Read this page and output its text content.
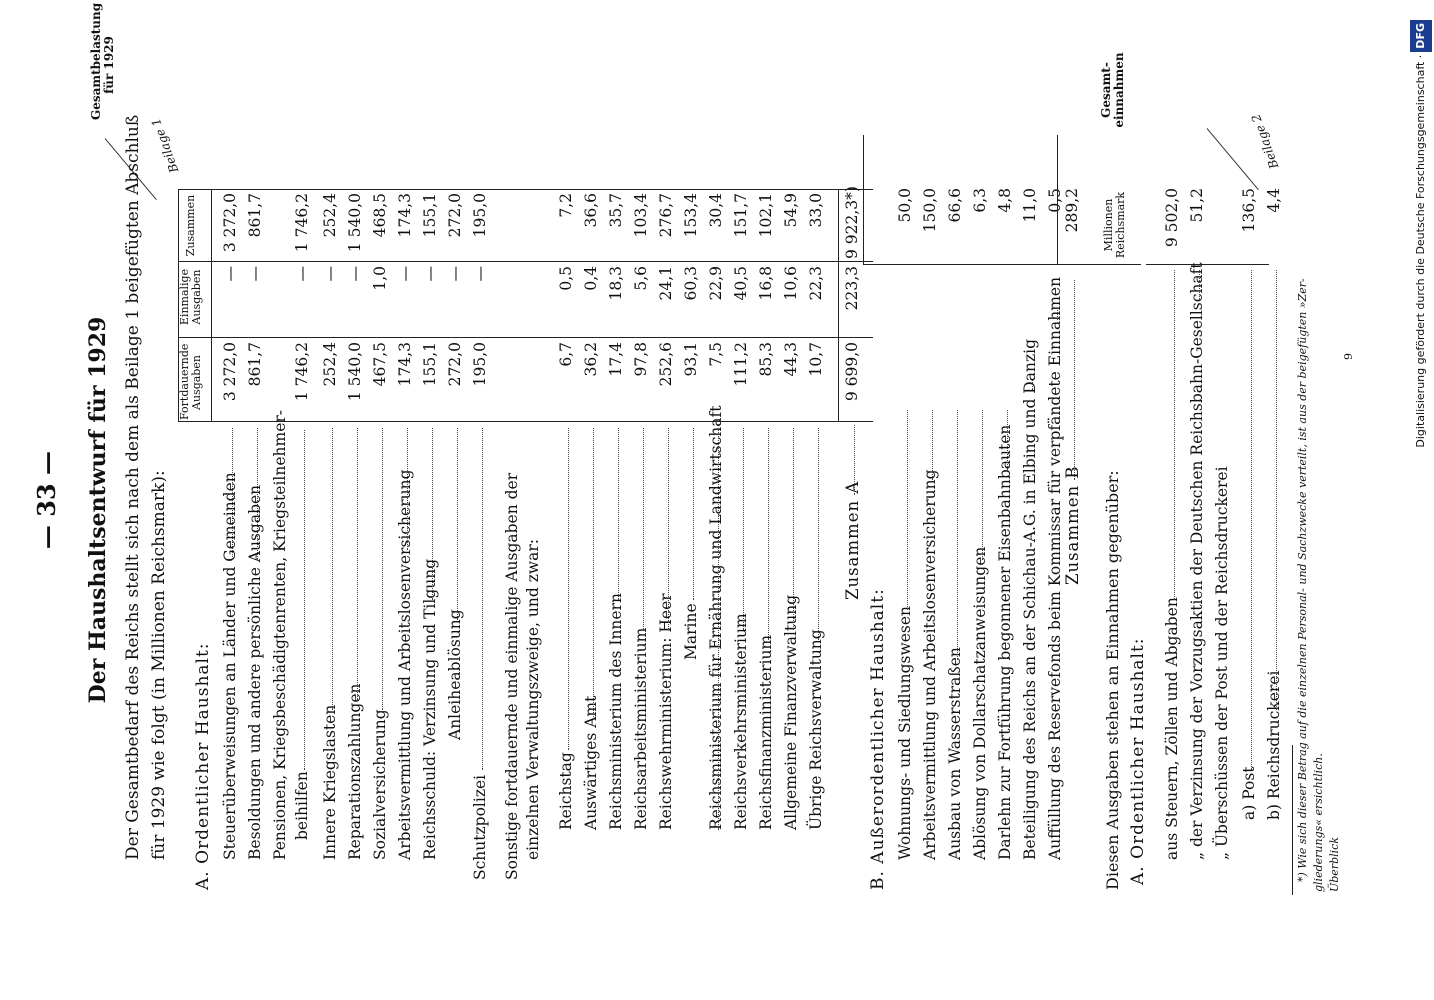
— 33 — Der Haushaltsentwurf für 1929
Gesamtbelastung für 1929
Beilage 1
Gesamt- einnahmen
Beilage 2
Der Gesamtbedarf des Reichs stellt sich nach dem als Beilage 1 beigefügten Abschluß für 1929 wie folgt (in Millionen Reichsmark):
Fortdauernde Ausgaben
Einmalige Ausgaben
Zusammen
A. Ordentlicher Haushalt: Steuerüberweisungen an Länder und Gemeinden
3 272,0
—
3 272,0
Besoldungen und andere persönliche Ausgaben
861,7
—
861,7
Pensionen, Kriegsbeschädigtenrenten, Kriegsteilnehmer-
1 746,2
—
1 746,2
beihilfen Innere Kriegslasten
252,4
—
252,4
Reparationszahlungen
1 540,0
—
1 540,0
Sozialversicherung
467,5
1,0
468,5
Arbeitsvermittlung und Arbeitslosenversicherung
174,3
—
174,3
Reichsschuld: Verzinsung und Tilgung
155,1
—
155,1
Anleiheablösung
272,0
—
272,0
Schutzpolizei
195,0
—
195,0
Sonstige fortdauernde und einmalige Ausgaben der einzelnen Verwaltungszweige, und zwar: Reichstag
6,7
0,5
7,2
Auswärtiges Amt
36,2
0,4
36,6
Reichsministerium des Innern
17,4
18,3
35,7
Reichsarbeitsministerium
97,8
5,6
103,4
Reichswehrministerium: Heer
252,6
24,1
276,7
Marine
93,1
60,3
153,4
Reichsministerium für Ernährung und Landwirtschaft
7,5
22,9
30,4
Reichsverkehrsministerium
111,2
40,5
151,7
Reichsfinanzministerium
85,3
16,8
102,1
Allgemeine Finanzverwaltung
44,3
10,6
54,9
Übrige Reichsverwaltung
10,7
22,3
33,0
Zusammen A
9 699,0
223,3
9 922,3*)
B. Außerordentlicher Haushalt: Wohnungs- und Siedlungswesen
50,0
Arbeitsvermittlung und Arbeitslosenversicherung
150,0
Ausbau von Wasserstraßen
66,6
Ablösung von Dollarschatzanweisungen
6,3
Darlehn zur Fortführung begonnener Eisenbahnbauten
4,8
Beteiligung des Reichs an der Schichau-A.G. in Elbing und Danzig
11,0
Auffüllung des Reservefonds beim Kommissar für verpfändete Einnahmen
0,5
Zusammen B
289,2
Diesen Ausgaben stehen an Einnahmen gegenüber:
Millionen Reichsmark
A. Ordentlicher Haushalt: aus Steuern, Zöllen und Abgaben
9 502,0
„ der Verzinsung der Vorzugsaktien der Deutschen Reichsbahn-Gesellschaft
51,2
„ Überschüssen der Post und der Reichsdruckerei a) Post
136,5
b) Reichsdruckerei
4,4
*) Wie sich dieser Betrag auf die einzelnen Personal- und Sachzwecke verteilt, ist aus der beigefügten »Zer- gliederungs« ersichtlich. Überblick
9	Digitalisierung gefördert durch die Deutsche Forschungsgemeinschaft ·DFG
